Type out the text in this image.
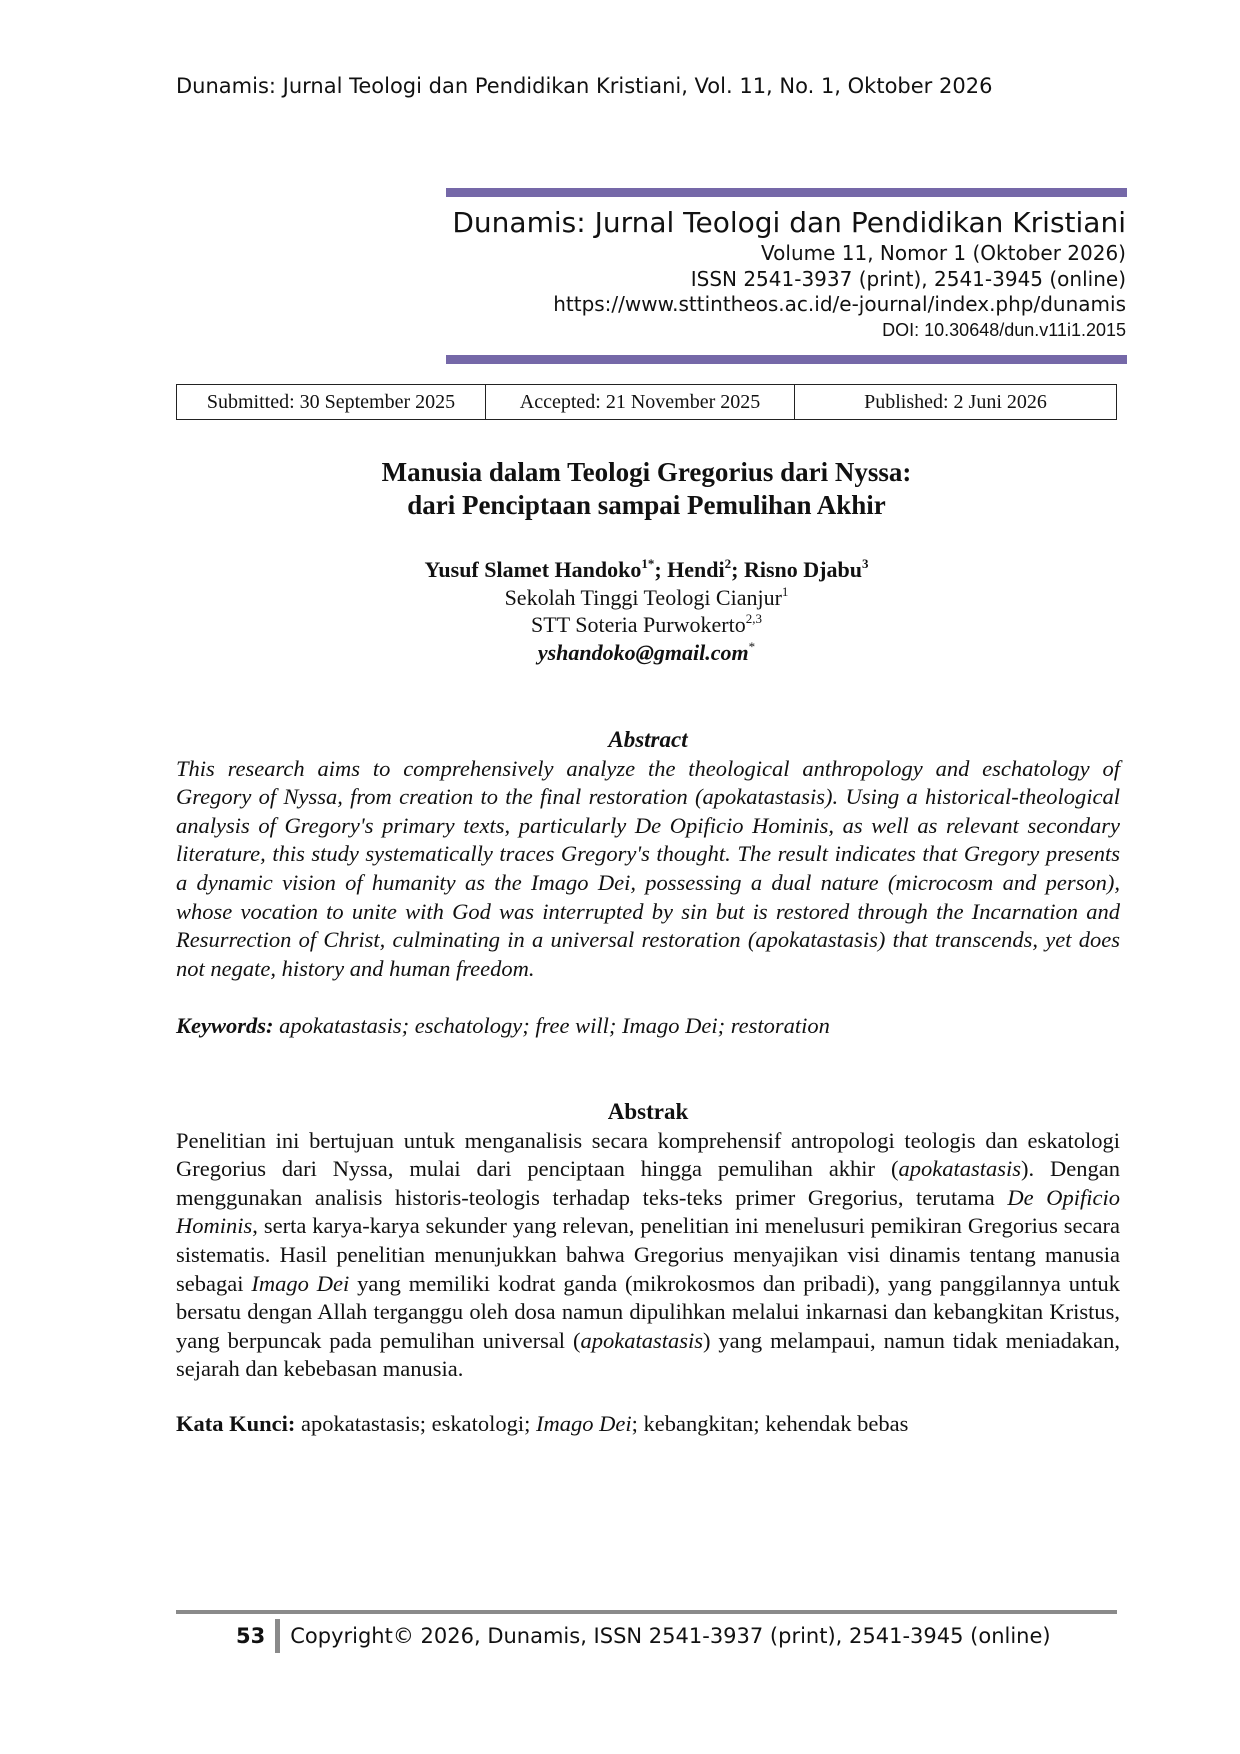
Dunamis: Jurnal Teologi dan Pendidikan Kristiani, Vol. 11, No. 1, Oktober 2026
Dunamis: Jurnal Teologi dan Pendidikan Kristiani
Volume 11, Nomor 1 (Oktober 2026)
ISSN 2541-3937 (print), 2541-3945 (online)
https://www.sttintheos.ac.id/e-journal/index.php/dunamis
DOI: 10.30648/dun.v11i1.2015
Submitted: 30 September 2025	Accepted: 21 November 2025	Published: 2 Juni 2026
Manusia dalam Teologi Gregorius dari Nyssa:
dari Penciptaan sampai Pemulihan Akhir
Yusuf Slamet Handoko$^{1*}$; Hendi$^2$; Risno Djabu$^3$
Sekolah Tinggi Teologi Cianjur$^1$
STT Soteria Purwokerto$^{2,3}$
yshandoko@gmail.com*
Abstract
This research aims to comprehensively analyze the theological anthropology and eschatology of Gregory of Nyssa, from creation to the final restoration (apokatastasis). Using a historical-theological analysis of Gregory's primary texts, particularly De Opificio Hominis, as well as relevant secondary literature, this study systematically traces Gregory's thought. The result indicates that Gregory presents a dynamic vision of humanity as the Imago Dei, possessing a dual nature (microcosm and person), whose vocation to unite with God was interrupted by sin but is restored through the Incarnation and Resurrection of Christ, culminating in a universal restoration (apokatastasis) that transcends, yet does not negate, history and human freedom.
Keywords: apokatastasis; eschatology; free will; Imago Dei; restoration
Abstrak
Penelitian ini bertujuan untuk menganalisis secara komprehensif antropologi teologis dan eskatologi Gregorius dari Nyssa, mulai dari penciptaan hingga pemulihan akhir (apokatastasis). Dengan menggunakan analisis historis-teologis terhadap teks-teks primer Gregorius, terutama De Opificio Hominis, serta karya-karya sekunder yang relevan, penelitian ini menelusuri pemikiran Gregorius secara sistematis. Hasil penelitian menunjukkan bahwa Gregorius menyajikan visi dinamis tentang manusia sebagai Imago Dei yang memiliki kodrat ganda (mikrokosmos dan pribadi), yang panggilannya untuk bersatu dengan Allah terganggu oleh dosa namun dipulihkan melalui inkarnasi dan kebangkitan Kristus, yang berpuncak pada pemulihan universal (apokatastasis) yang melampaui, namun tidak meniadakan, sejarah dan kebebasan manusia.
Kata Kunci: apokatastasis; eskatologi; Imago Dei; kebangkitan; kehendak bebas
53	Copyright© 2026, Dunamis, ISSN 2541-3937 (print), 2541-3945 (online)
